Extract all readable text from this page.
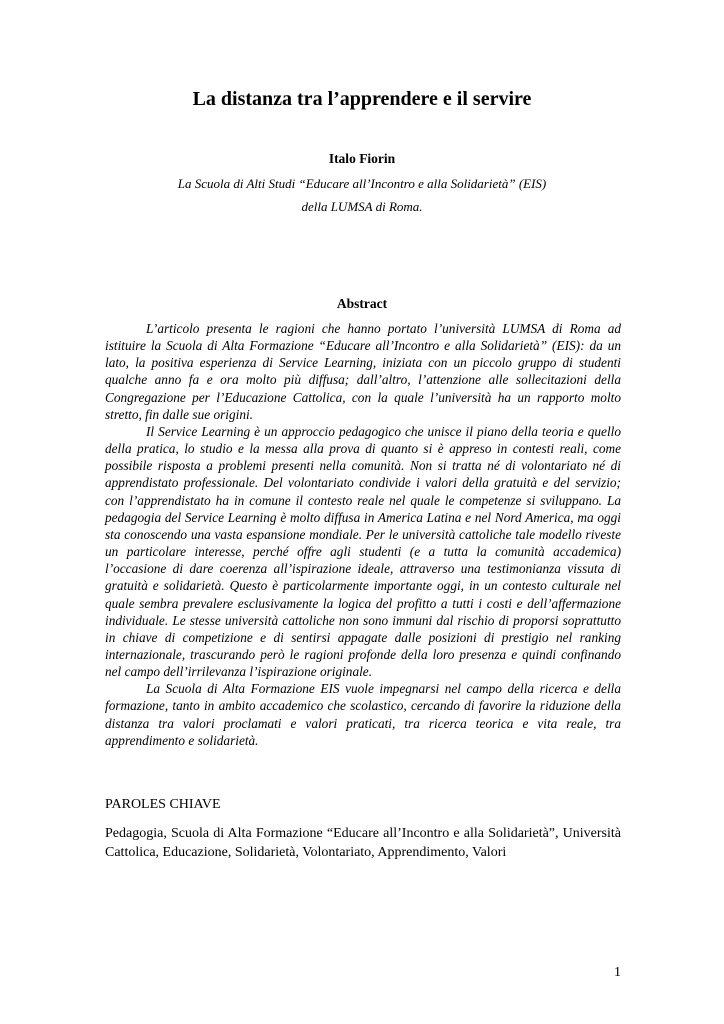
La distanza tra l’apprendere e il servire
Italo Fiorin
La Scuola di Alti Studi “Educare all’Incontro e alla Solidarietà” (EIS)
della LUMSA di Roma.
Abstract

L’articolo presenta le ragioni che hanno portato l’università LUMSA di Roma ad istituire la Scuola di Alta Formazione “Educare all’Incontro e alla Solidarietà” (EIS): da un lato, la positiva esperienza di Service Learning, iniziata con un piccolo gruppo di studenti qualche anno fa e ora molto più diffusa; dall’altro, l’attenzione alle sollecitazioni della Congregazione per l’Educazione Cattolica, con la quale l’università ha un rapporto molto stretto, fin dalle sue origini.

Il Service Learning è un approccio pedagogico che unisce il piano della teoria e quello della pratica, lo studio e la messa alla prova di quanto si è appreso in contesti reali, come possibile risposta a problemi presenti nella comunità. Non si tratta né di volontariato né di apprendistato professionale. Del volontariato condivide i valori della gratuità e del servizio; con l’apprendistato ha in comune il contesto reale nel quale le competenze si sviluppano. La pedagogia del Service Learning è molto diffusa in America Latina e nel Nord America, ma oggi sta conoscendo una vasta espansione mondiale. Per le università cattoliche tale modello riveste un particolare interesse, perché offre agli studenti (e a tutta la comunità accademica) l’occasione di dare coerenza all’ispirazione ideale, attraverso una testimonianza vissuta di gratuità e solidarietà. Questo è particolarmente importante oggi, in un contesto culturale nel quale sembra prevalere esclusivamente la logica del profitto a tutti i costi e dell’affermazione individuale. Le stesse università cattoliche non sono immuni dal rischio di proporsi soprattutto in chiave di competizione e di sentirsi appagate dalle posizioni di prestigio nel ranking internazionale, trascurando però le ragioni profonde della loro presenza e quindi confinando nel campo dell’irrilevanza l’ispirazione originale.

La Scuola di Alta Formazione EIS vuole impegnarsi nel campo della ricerca e della formazione, tanto in ambito accademico che scolastico, cercando di favorire la riduzione della distanza tra valori proclamati e valori praticati, tra ricerca teorica e vita reale, tra apprendimento e solidarietà.

PAROLES CHIAVE
Pedagogia, Scuola di Alta Formazione “Educare all’Incontro e alla Solidarietà”, Università Cattolica, Educazione, Solidarietà, Volontariato, Apprendimento, Valori
1
